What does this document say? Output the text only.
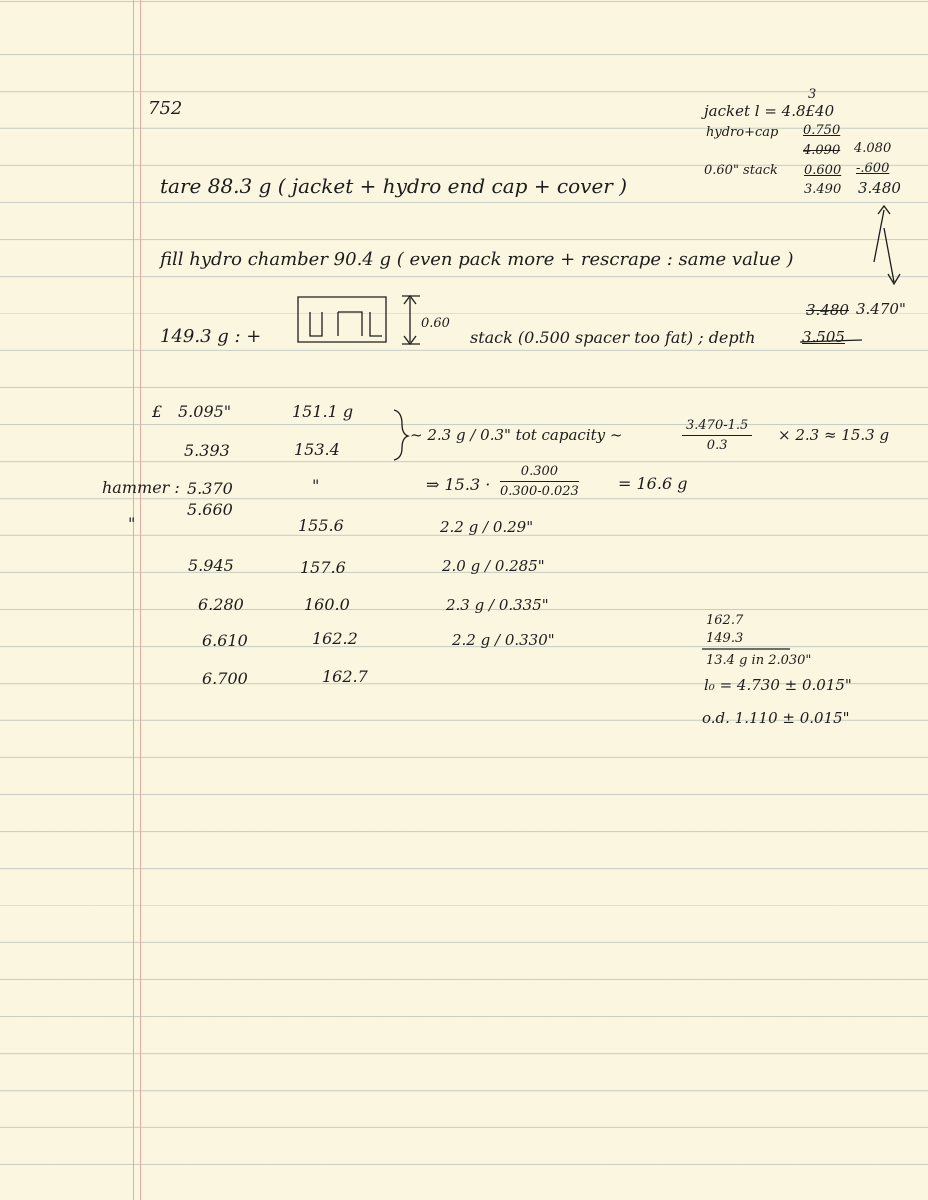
752
3
jacket l = 4.8£40
hydro+cap 0.750
4.090 4.080
0.60" stack 0.600 -.600
3.490 3.480
tare 88.3 g ( jacket + hydro end cap + cover )
fill hydro chamber 90.4 g ( even pack more + rescrape : same value )
149.3 g : +
0.60
stack (0.500 spacer too fat) ; depth	3.505
3.480 3.470"
£ 5.095"
5.393
hammer : 5.370
"
5.660
5.945
6.280
6.610
6.700
151.1 g
153.4
"
155.6
157.6
160.0
162.2
162.7
~ 2.3 g / 0.3" tot capacity ~	$\frac{3.470-1.5}{0.3} \times 2.3 \approx 15.3$ g
⇒ $15.3 \cdot \frac{0.300}{0.300-0.023} = 16.6$ g
2.2 g / 0.29"
2.0 g / 0.285"
2.3 g / 0.335"
2.2 g / 0.330"
162.7
149.3
13.4 g in 2.030"
l₀ = 4.730 ± 0.015"
o.d. 1.110 ± 0.015"
